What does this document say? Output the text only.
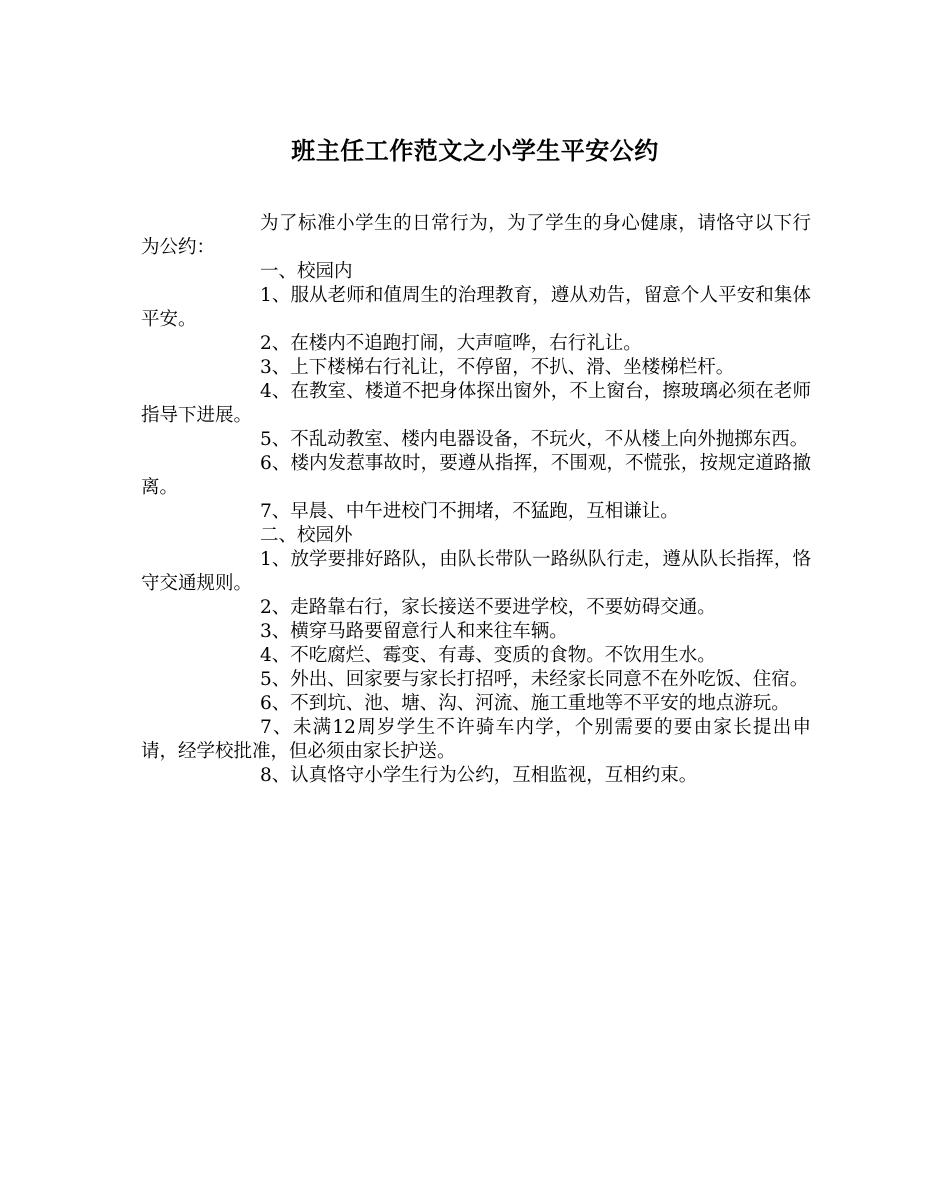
班主任工作范文之小学生平安公约

为了标准小学生的日常行为，为了学生的身心健康，请恪守以下行为公约：

一、校园内

1、服从老师和值周生的治理教育，遵从劝告，留意个人平安和集体平安。

2、在楼内不追跑打闹，大声喧哗，右行礼让。

3、上下楼梯右行礼让，不停留，不扒、滑、坐楼梯栏杆。

4、在教室、楼道不把身体探出窗外，不上窗台，擦玻璃必须在老师指导下进展。

5、不乱动教室、楼内电器设备，不玩火，不从楼上向外抛掷东西。

6、楼内发惹事故时，要遵从指挥，不围观，不慌张，按规定道路撤离。

7、早晨、中午进校门不拥堵，不猛跑，互相谦让。

二、校园外

1、放学要排好路队，由队长带队一路纵队行走，遵从队长指挥，恪守交通规则。

2、走路靠右行，家长接送不要进学校，不要妨碍交通。

3、横穿马路要留意行人和来往车辆。

4、不吃腐烂、霉变、有毒、变质的食物。不饮用生水。

5、外出、回家要与家长打招呼，未经家长同意不在外吃饭、住宿。

6、不到坑、池、塘、沟、河流、施工重地等不平安的地点游玩。

7、未满12周岁学生不许骑车内学，个别需要的要由家长提出申请，经学校批准，但必须由家长护送。

8、认真恪守小学生行为公约，互相监视，互相约束。
